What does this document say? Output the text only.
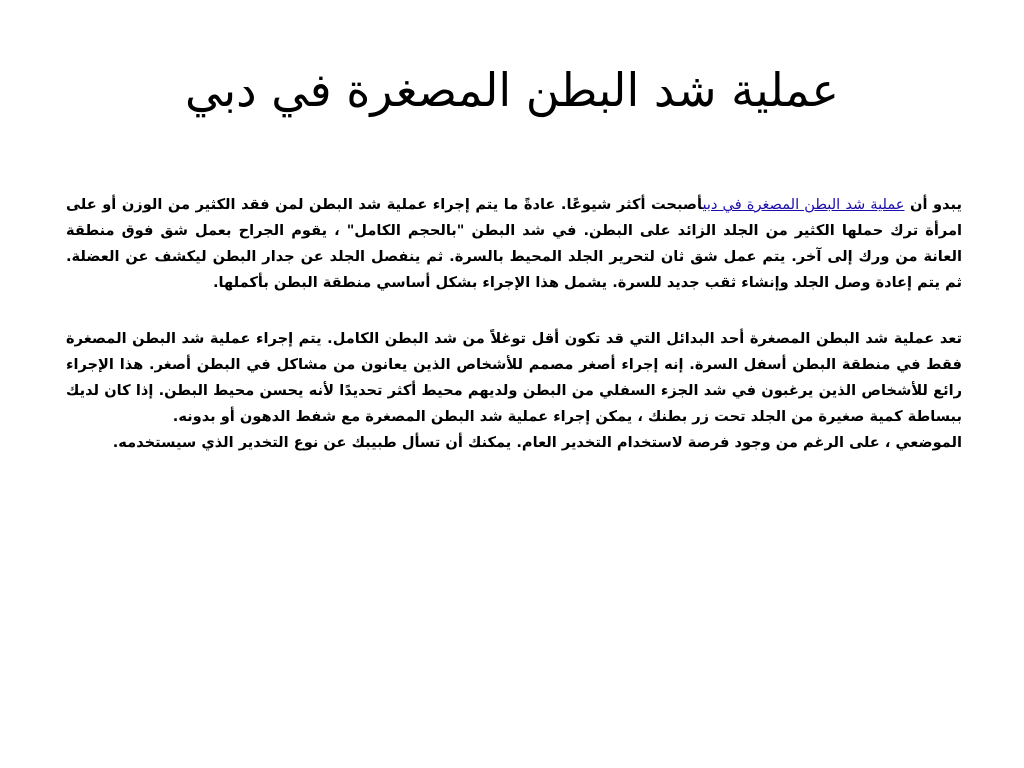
عملية شد البطن المصغرة في دبي

يبدو أن عملية شد البطن المصغرة في دبيأصبحت أكثر شيوعًا. عادةً ما يتم إجراء عملية شد البطن لمن فقد الكثير من الوزن أو على امرأة ترك حملها الكثير من الجلد الزائد على البطن. في شد البطن "بالحجم الكامل" ، يقوم الجراح بعمل شق فوق منطقة العانة من ورك إلى آخر. يتم عمل شق ثان لتحرير الجلد المحيط بالسرة. ثم ينفصل الجلد عن جدار البطن ليكشف عن العضلة. ثم يتم إعادة وصل الجلد وإنشاء ثقب جديد للسرة. يشمل هذا الإجراء بشكل أساسي منطقة البطن بأكملها.

تعد عملية شد البطن المصغرة أحد البدائل التي قد تكون أقل توغلاً من شد البطن الكامل. يتم إجراء عملية شد البطن المصغرة فقط في منطقة البطن أسفل السرة. إنه إجراء أصغر مصمم للأشخاص الذين يعانون من مشاكل في البطن أصغر. هذا الإجراء رائع للأشخاص الذين يرغبون في شد الجزء السفلي من البطن ولديهم محيط أكثر تحديدًا لأنه يحسن محيط البطن. إذا كان لديك ببساطة كمية صغيرة من الجلد تحت زر بطنك ، يمكن إجراء عملية شد البطن المصغرة مع شفط الدهون أو بدونه.

الموضعي ، على الرغم من وجود فرصة لاستخدام التخدير العام. يمكنك أن تسأل طبيبك عن نوع التخدير الذي سيستخدمه.
